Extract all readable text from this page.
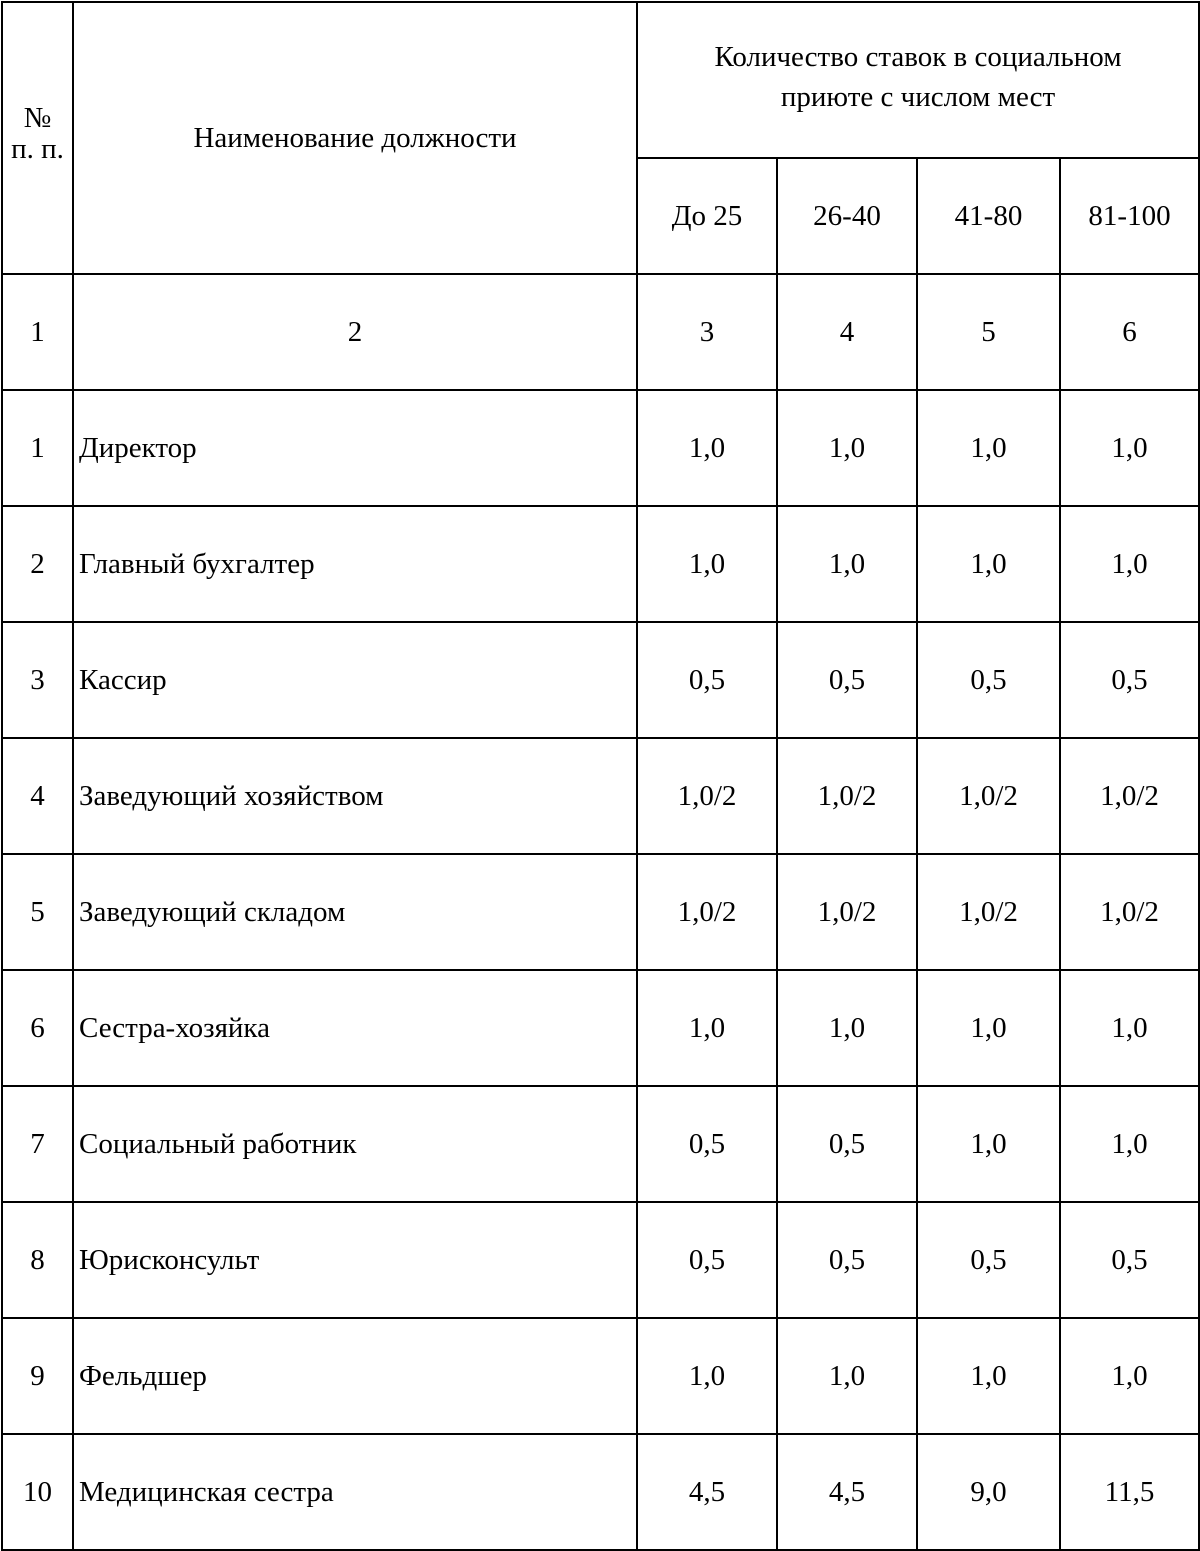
№
п. п.	Наименование должности	Количество ставок в социальном
приюте с числом мест			

		До 25	26-40	41-80	81-100
1	2	3	4	5	6
1	Директор	1,0	1,0	1,0	1,0
2	Главный бухгалтер	1,0	1,0	1,0	1,0
3	Кассир	0,5	0,5	0,5	0,5
4	Заведующий хозяйством	1,0/2	1,0/2	1,0/2	1,0/2
5	Заведующий складом	1,0/2	1,0/2	1,0/2	1,0/2
6	Сестра-хозяйка	1,0	1,0	1,0	1,0
7	Социальный работник	0,5	0,5	1,0	1,0
8	Юрисконсульт	0,5	0,5	0,5	0,5
9	Фельдшер	1,0	1,0	1,0	1,0
10	Медицинская сестра	4,5	4,5	9,0	11,5
